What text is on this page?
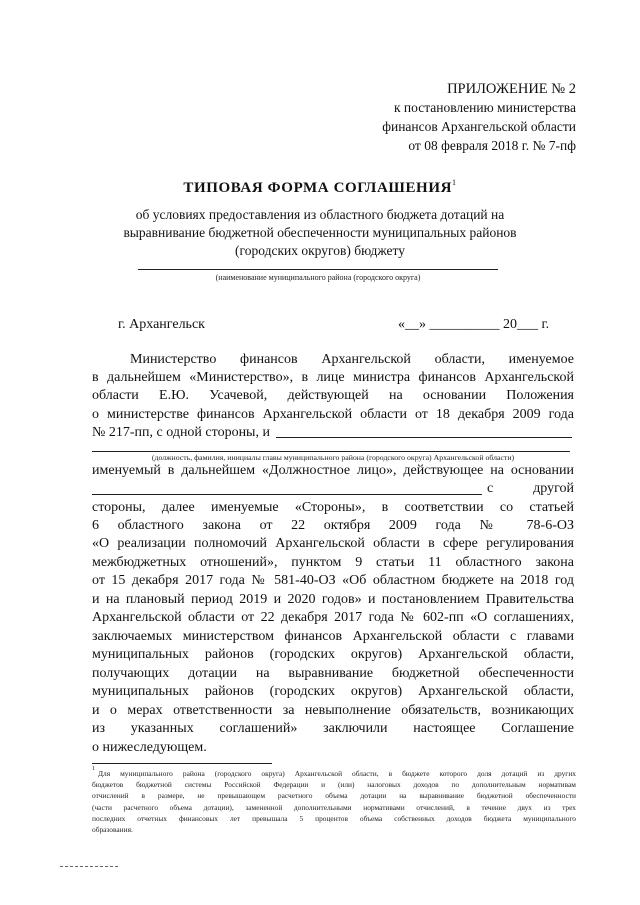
ПРИЛОЖЕНИЕ № 2
к постановлению министерства
финансов Архангельской области
от 08 февраля 2018 г. № 7-пф
ТИПОВАЯ ФОРМА СОГЛАШЕНИЯ$^1$
об условиях предоставления из областного бюджета дотаций на
выравнивание бюджетной обеспеченности муниципальных районов
(городских округов) бюджету
(наименование муниципального района (городского округа)
г. Архангельск	«__» __________ 20___ г.
Министерство финансов Архангельской области, именуемое
в дальнейшем «Министерство», в лице министра финансов Архангельской
области Е.Ю. Усачевой, действующей на основании Положения
о министерстве финансов Архангельской области от 18 декабря 2009 года
№ 217-пп, с одной стороны, и
(должность, фамилия, инициалы главы муниципального района (городского округа) Архангельской области)
именуемый в дальнейшем «Должностное лицо», действующее на основании
с другой
стороны, далее именуемые «Стороны», в соответствии со статьей
6 областного закона от 22 октября 2009 года № 78-6-ОЗ
«О реализации полномочий Архангельской области в сфере регулирования
межбюджетных отношений», пунктом 9 статьи 11 областного закона
от 15 декабря 2017 года № 581-40-ОЗ «Об областном бюджете на 2018 год
и на плановый период 2019 и 2020 годов» и постановлением Правительства
Архангельской области от 22 декабря 2017 года № 602-пп «О соглашениях,
заключаемых министерством финансов Архангельской области с главами
муниципальных районов (городских округов) Архангельской области,
получающих дотации на выравнивание бюджетной обеспеченности
муниципальных районов (городских округов) Архангельской области,
и о мерах ответственности за невыполнение обязательств, возникающих
из указанных соглашений» заключили настоящее Соглашение
о нижеследующем.
1 Для муниципального района (городского округа) Архангельской области, в бюджете которого доля дотаций из других
бюджетов бюджетной системы Российской Федерации и (или) налоговых доходов по дополнительным нормативам
отчислений в размере, не превышающем расчетного объема дотации на выравнивание бюджетной обеспеченности
(части расчетного объема дотации), замененной дополнительными нормативами отчислений, в течение двух из трех
последних отчетных финансовых лет превышала 5 процентов объема собственных доходов бюджета муниципального
образования.
